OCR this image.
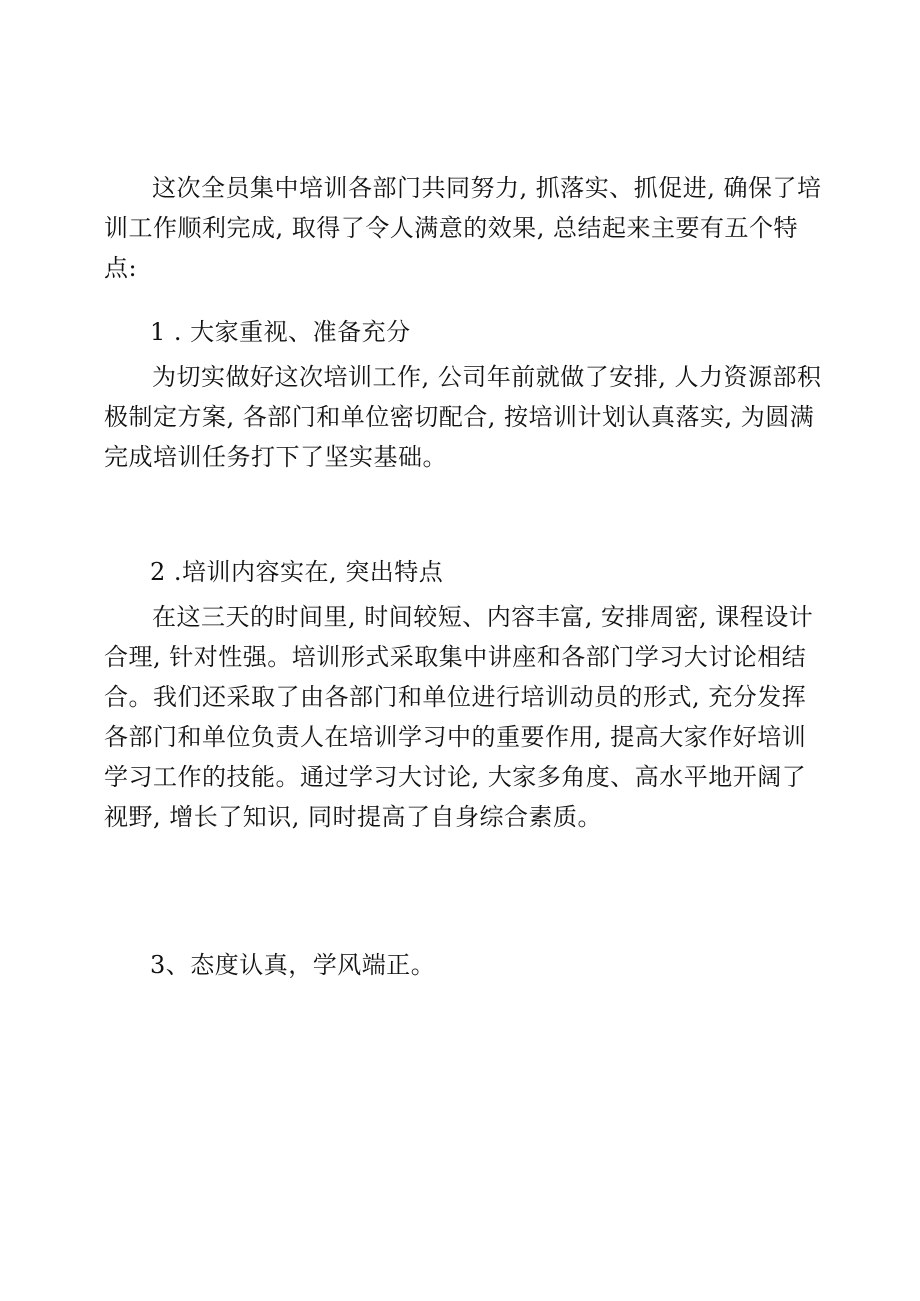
这次全员集中培训各部门共同努力, 抓落实、抓促进, 确保了培训工作顺利完成, 取得了令人满意的效果, 总结起来主要有五个特点:

1 . 大家重视、准备充分

为切实做好这次培训工作, 公司年前就做了安排, 人力资源部积极制定方案, 各部门和单位密切配合, 按培训计划认真落实, 为圆满完成培训任务打下了坚实基础。

2 .培训内容实在, 突出特点

在这三天的时间里, 时间较短、内容丰富, 安排周密, 课程设计合理, 针对性强。培训形式采取集中讲座和各部门学习大讨论相结合。我们还采取了由各部门和单位进行培训动员的形式, 充分发挥各部门和单位负责人在培训学习中的重要作用, 提高大家作好培训学习工作的技能。通过学习大讨论, 大家多角度、高水平地开阔了视野, 增长了知识, 同时提高了自身综合素质。

3、态度认真，学风端正。
